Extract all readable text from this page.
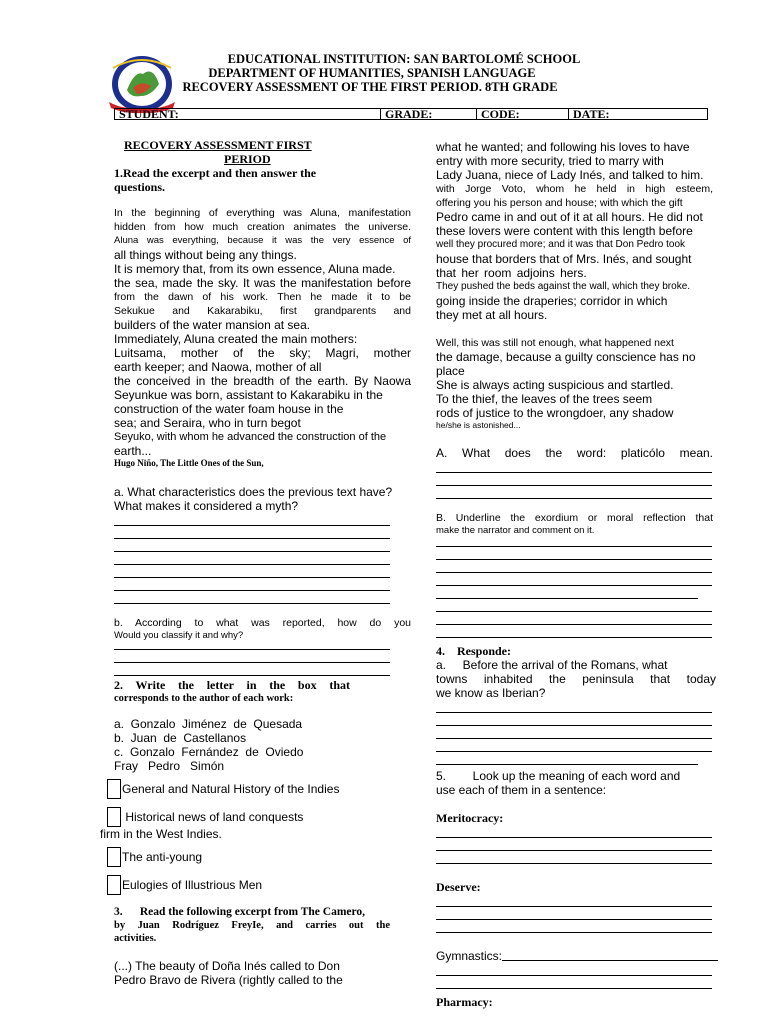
EDUCATIONAL INSTITUTION: SAN BARTOLOMÉ SCHOOL
DEPARTMENT OF HUMANITIES, SPANISH LANGUAGE
RECOVERY ASSESSMENT OF THE FIRST PERIOD. 8TH GRADE
STUDENT:	GRADE:	CODE:	DATE:
RECOVERY ASSESSMENT FIRST
PERIOD
1.Read the excerpt and then answer the questions.
In the beginning of everything was Aluna, manifestation
hidden from how much creation animates the universe.
Aluna was everything, because it was the very essence of
all things without being any things.
It is memory that, from its own essence, Aluna made.
the sea, made the sky. It was the manifestation before
from the dawn of his work. Then he made it to be
Sekukue and Kakarabiku, first grandparents and
builders of the water mansion at sea.
Immediately, Aluna created the main mothers:
Luitsama, mother of the sky; Magri, mother
earth keeper; and Naowa, mother of all
the conceived in the breadth of the earth. By Naowa
Seyunkue was born, assistant to Kakarabiku in the
construction of the water foam house in the
sea; and Seraira, who in turn begot
Seyuko, with whom he advanced the construction of the
earth...
Hugo Niño, The Little Ones of the Sun,
a. What characteristics does the previous text have?
What makes it considered a myth?
b. According to what was reported, how do you
Would you classify it and why?
2. Write the letter in the box that
corresponds to the author of each work:
a.  Gonzalo  Jiménez  de  Quesada
b.  Juan  de  Castellanos
c.  Gonzalo  Fernández  de  Oviedo
Fray   Pedro   Simón
General and Natural History of the Indies
Historical news of land conquests
firm in the West Indies.
The anti-young
Eulogies of Illustrious Men
3.      Read the following excerpt from The Camero,
by Juan Rodríguez FreyIe, and carries out the
activities.
(...) The beauty of Doña Inés called to Don
Pedro Bravo de Rivera (rightly called to the
what he wanted; and following his loves to have
entry with more security, tried to marry with
Lady Juana, niece of Lady Inés, and talked to him.
with Jorge Voto, whom he held in high esteem,
offering you his person and house; with which the gift
Pedro came in and out of it at all hours. He did not
these lovers were content with this length before
well they procured more; and it was that Don Pedro took
house that borders that of Mrs. Inés, and sought
that her room adjoins hers.
They pushed the beds against the wall, which they broke.
going inside the draperies; corridor in which
they met at all hours.
Well, this was still not enough, what happened next
the damage, because a guilty conscience has no place
She is always acting suspicious and startled.
To the thief, the leaves of the trees seem
rods of justice to the wrongdoer, any shadow
he/she is astonished...
A. What does the word: platicólo mean.
B. Underline the exordium or moral reflection that
make the narrator and comment on it.
4.    Responde:
a.     Before the arrival of the Romans, what
towns inhabited the peninsula that today
we know as Iberian?
5.        Look up the meaning of each word and
use each of them in a sentence:
Meritocracy:
Deserve:
Gymnastics:
Pharmacy:
